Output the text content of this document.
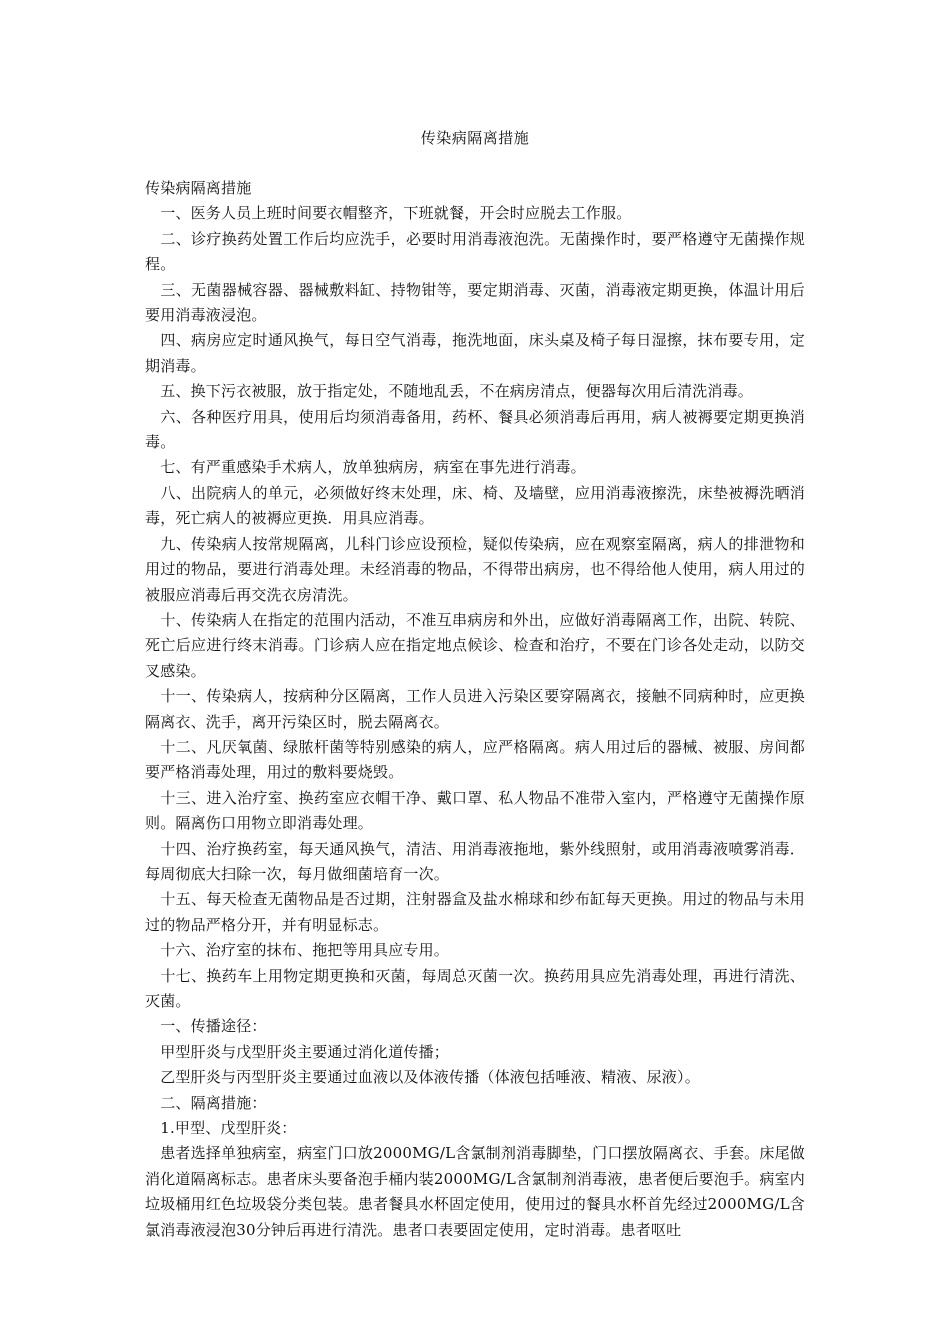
传染病隔离措施

传染病隔离措施

　一、医务人员上班时间要衣帽整齐，下班就餐，开会时应脱去工作服。

　二、诊疗换药处置工作后均应洗手，必要时用消毒液泡洗。无菌操作时，要严格遵守无菌操作规程。

　三、无菌器械容器、器械敷料缸、持物钳等，要定期消毒、灭菌，消毒液定期更换，体温计用后要用消毒液浸泡。

　四、病房应定时通风换气，每日空气消毒，拖洗地面，床头桌及椅子每日湿擦，抹布要专用，定期消毒。

　五、换下污衣被服，放于指定处，不随地乱丢，不在病房清点，便器每次用后清洗消毒。

　六、各种医疗用具，使用后均须消毒备用，药杯、餐具必须消毒后再用，病人被褥要定期更换消毒。

　七、有严重感染手术病人，放单独病房，病室在事先进行消毒。

　八、出院病人的单元，必须做好终末处理，床、椅、及墙壁，应用消毒液擦洗，床垫被褥洗晒消毒，死亡病人的被褥应更换．用具应消毒。

　九、传染病人按常规隔离，儿科门诊应设预检，疑似传染病，应在观察室隔离，病人的排泄物和用过的物品，要进行消毒处理。未经消毒的物品，不得带出病房，也不得给他人使用，病人用过的被服应消毒后再交洗衣房清洗。

　十、传染病人在指定的范围内活动，不准互串病房和外出，应做好消毒隔离工作，出院、转院、死亡后应进行终末消毒。门诊病人应在指定地点候诊、检查和治疗，不要在门诊各处走动，以防交叉感染。

　十一、传染病人，按病种分区隔离，工作人员进入污染区要穿隔离衣，接触不同病种时，应更换隔离衣、洗手，离开污染区时，脱去隔离衣。

　十二、凡厌氧菌、绿脓杆菌等特别感染的病人，应严格隔离。病人用过后的器械、被服、房间都要严格消毒处理，用过的敷料要烧毁。

　十三、进入治疗室、换药室应衣帽干净、戴口罩、私人物品不准带入室内，严格遵守无菌操作原则。隔离伤口用物立即消毒处理。

　十四、治疗换药室，每天通风换气，清洁、用消毒液拖地，紫外线照射，或用消毒液喷雾消毒．每周彻底大扫除一次，每月做细菌培育一次。

　十五、每天检查无菌物品是否过期，注射器盒及盐水棉球和纱布缸每天更换。用过的物品与未用过的物品严格分开，并有明显标志。

　十六、治疗室的抹布、拖把等用具应专用。

　十七、换药车上用物定期更换和灭菌，每周总灭菌一次。换药用具应先消毒处理，再进行清洗、灭菌。

　一、传播途径：

　甲型肝炎与戊型肝炎主要通过消化道传播；

　乙型肝炎与丙型肝炎主要通过血液以及体液传播（体液包括唾液、精液、尿液）。

　二、隔离措施：

　1.甲型、戊型肝炎：

　患者选择单独病室，病室门口放2000MG/L含氯制剂消毒脚垫，门口摆放隔离衣、手套。床尾做消化道隔离标志。患者床头要备泡手桶内装2000MG/L含氯制剂消毒液，患者便后要泡手。病室内垃圾桶用红色垃圾袋分类包装。患者餐具水杯固定使用，使用过的餐具水杯首先经过2000MG/L含氯消毒液浸泡30分钟后再进行清洗。患者口表要固定使用，定时消毒。患者呕吐
